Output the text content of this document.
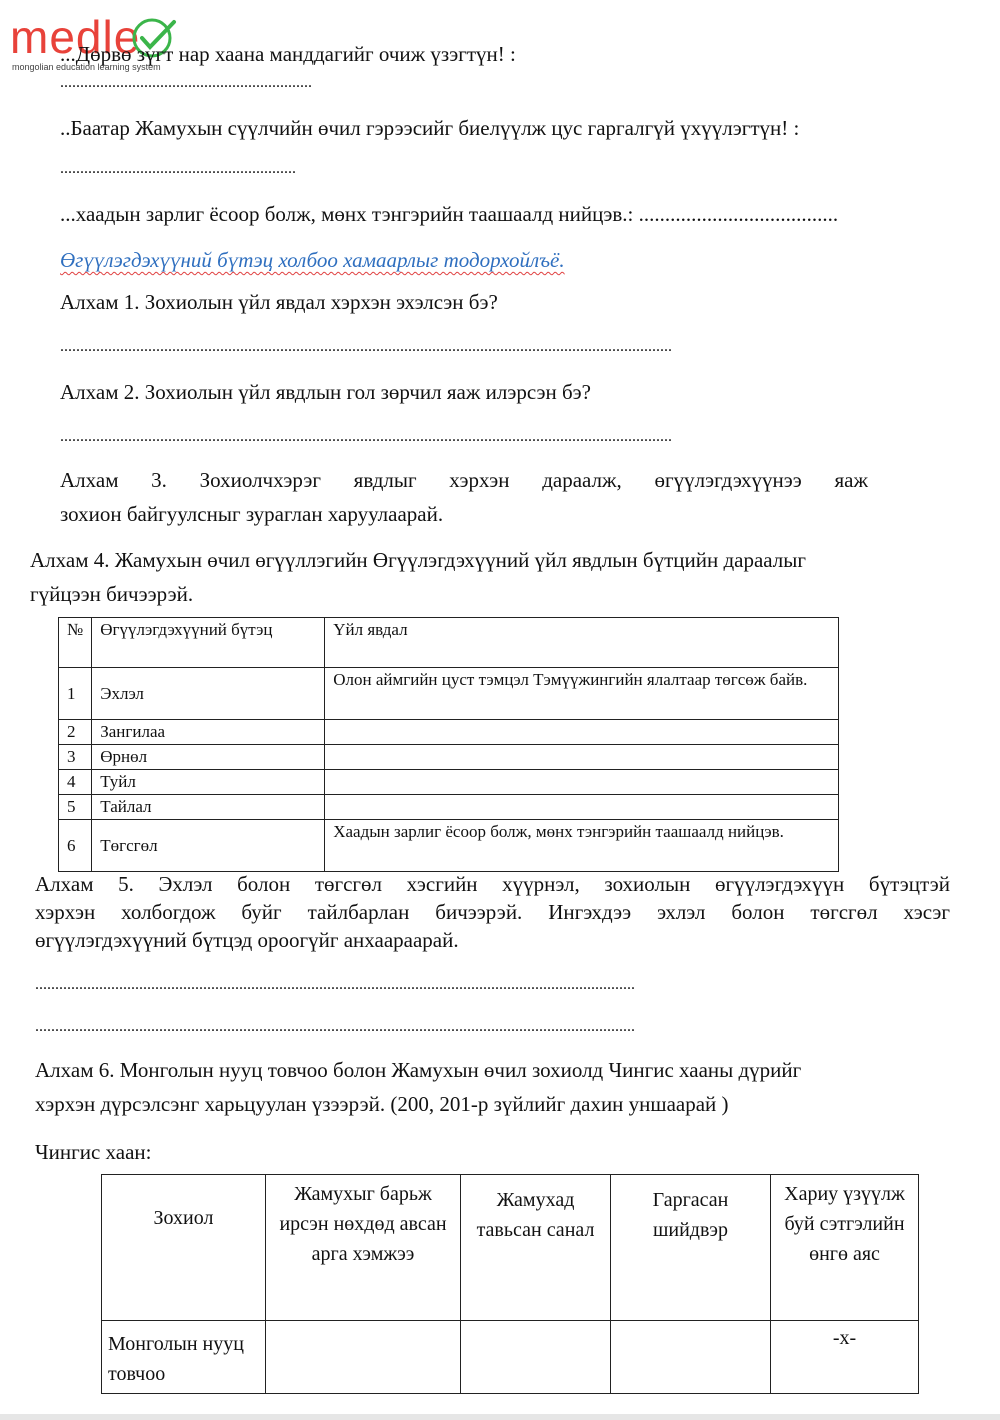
medle
mongolian education learning system
...Дөрвө зүгт нар хаана манддагийг очиж үзэгтүн! :
...............................................................
..Баатар Жамухын сүүлчийн өчил гэрээсийг биелүүлж цус гаргалгүй үхүүлэгтүн! :
...........................................................
...хаадын зарлиг ёсоор болж, мөнх тэнгэрийн таашаалд нийцэв.: ......................................
Өгүүлэгдэхүүний бүтэц холбоо хамаарлыг тодорхойлъё.
Алхам 1. Зохиолын үйл явдал хэрхэн эхэлсэн бэ?
.........................................................................................................................................................
Алхам 2. Зохиолын үйл явдлын гол зөрчил яаж илэрсэн бэ?
.........................................................................................................................................................
Алхам 3. Зохиолчхэрэг явдлыг хэрхэн дараалж, өгүүлэгдэхүүнээ яаж
зохион байгуулсныг зураглан харуулаарай.
Алхам 4. Жамухын өчил өгүүллэгийн Өгүүлэгдэхүүний үйл явдлын бүтцийн дараалыг
гүйцээн бичээрэй.
№	Өгүүлэгдэхүүний бүтэц	Үйл явдал
1	Эхлэл	Олон аймгийн цуст тэмцэл Тэмүүжингийн ялалтаар төгсөж байв.
2	Зангилаа	
3	Өрнөл	
4	Туйл	
5	Тайлал	
6	Төгсгөл	Хаадын зарлиг ёсоор болж, мөнх тэнгэрийн таашаалд нийцэв.
Алхам 5. Эхлэл болон төгсгөл хэсгийн хүүрнэл, зохиолын өгүүлэгдэхүүн бүтэцтэй
хэрхэн холбогдож буйг тайлбарлан бичээрэй. Ингэхдээ эхлэл болон төгсгөл хэсэг
өгүүлэгдэхүүний бүтцэд ороогүйг анхаараарай.
......................................................................................................................................................
......................................................................................................................................................
Алхам 6. Монголын нууц товчоо болон Жамухын өчил зохиолд Чингис хааны дүрийг
хэрхэн дүрсэлсэнг харьцуулан үзээрэй. (200, 201-р зүйлийг дахин уншаарай )
Чингис хаан:
Зохиол	Жамухыг барьж ирсэн нөхдөд авсан арга хэмжээ	Жамухад тавьсан санал	Гаргасан шийдвэр	Хариу үзүүлж буй сэтгэлийн өнгө аяс
Монголын нууц товчоо				-х-
